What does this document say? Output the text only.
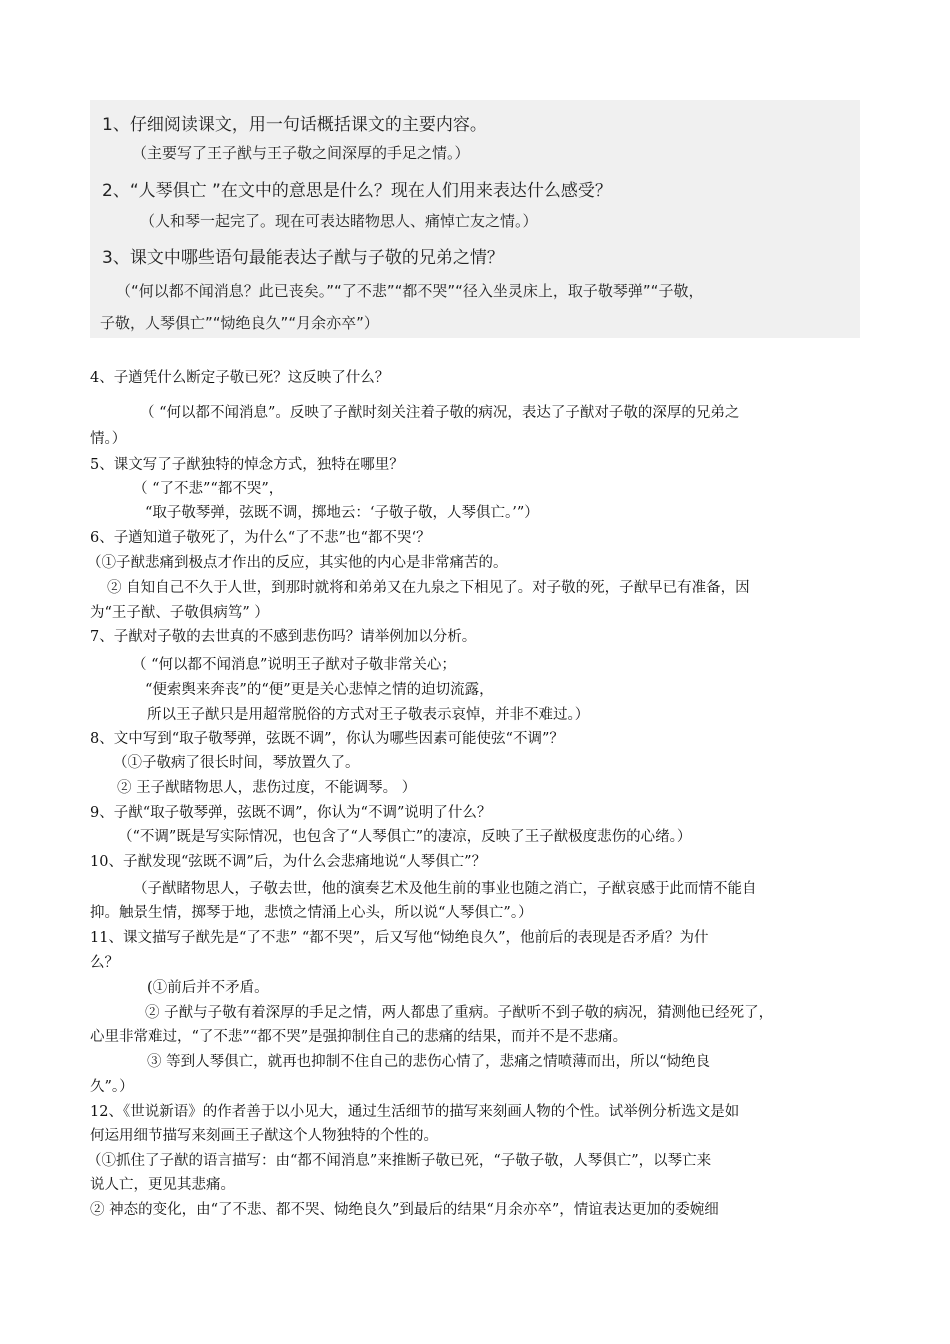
1、仔细阅读课文，用一句话概括课文的主要内容。
（主要写了王子猷与王子敬之间深厚的手足之情。）
2、“人琴俱亡 ”在文中的意思是什么？现在人们用来表达什么感受？
（人和琴一起完了。现在可表达睹物思人、痛悼亡友之情。）
3、课文中哪些语句最能表达子猷与子敬的兄弟之情？
（“何以都不闻消息？此已丧矣。”“了不悲”“都不哭”“径入坐灵床上，取子敬琴弹”“子敬，
子敬，人琴俱亡”“恸绝良久”“月余亦卒”）
4、子遒凭什么断定子敬已死？这反映了什么？
（ “何以都不闻消息”。反映了子猷时刻关注着子敬的病况，表达了子猷对子敬的深厚的兄弟之
情。）
5、课文写了子猷独特的悼念方式，独特在哪里？
（ “了不悲”“都不哭”，
“取子敬琴弹，弦既不调，掷地云：‘子敬子敬，人琴俱亡。’”）
6、子遒知道子敬死了，为什么“了不悲”也“都不哭‘？
（①子猷悲痛到极点才作出的反应，其实他的内心是非常痛苦的。
② 自知自己不久于人世，到那时就将和弟弟又在九泉之下相见了。对子敬的死，子猷早已有准备，因
为“王子猷、子敬俱病笃” ）
7、子猷对子敬的去世真的不感到悲伤吗？请举例加以分析。
（ “何以都不闻消息”说明王子猷对子敬非常关心；
“便索舆来奔丧”的“便”更是关心悲悼之情的迫切流露，
所以王子猷只是用超常脱俗的方式对王子敬表示哀悼，并非不难过。）
8、文中写到“取子敬琴弹，弦既不调”，你认为哪些因素可能使弦“不调”？
（①子敬病了很长时间，琴放置久了。
② 王子猷睹物思人，悲伤过度，不能调琴。 ）
9、子猷“取子敬琴弹，弦既不调”，你认为“不调”说明了什么？
（“不调”既是写实际情况，也包含了“人琴俱亡”的凄凉，反映了王子猷极度悲伤的心绪。）
10、子猷发现“弦既不调”后，为什么会悲痛地说“人琴俱亡”？
（子猷睹物思人，子敬去世，他的演奏艺术及他生前的事业也随之消亡，子猷哀感于此而情不能自
抑。触景生情，掷琴于地，悲愤之情涌上心头，所以说“人琴俱亡”。）
11、课文描写子猷先是“了不悲” “都不哭”，后又写他“恸绝良久”，他前后的表现是否矛盾？为什
么？
(①前后并不矛盾。
② 子猷与子敬有着深厚的手足之情，两人都患了重病。子猷听不到子敬的病况，猜测他已经死了，
心里非常难过，“了不悲”“都不哭”是强抑制住自己的悲痛的结果，而并不是不悲痛。
③ 等到人琴俱亡，就再也抑制不住自己的悲伤心情了，悲痛之情喷薄而出，所以“恸绝良
久”。）
12、《世说新语》的作者善于以小见大，通过生活细节的描写来刻画人物的个性。试举例分析选文是如
何运用细节描写来刻画王子猷这个人物独特的个性的。
（①抓住了子猷的语言描写：由“都不闻消息”来推断子敬已死，“子敬子敬，人琴俱亡”，以琴亡来
说人亡，更见其悲痛。
② 神态的变化，由“了不悲、都不哭、恸绝良久”到最后的结果“月余亦卒”，情谊表达更加的委婉细
